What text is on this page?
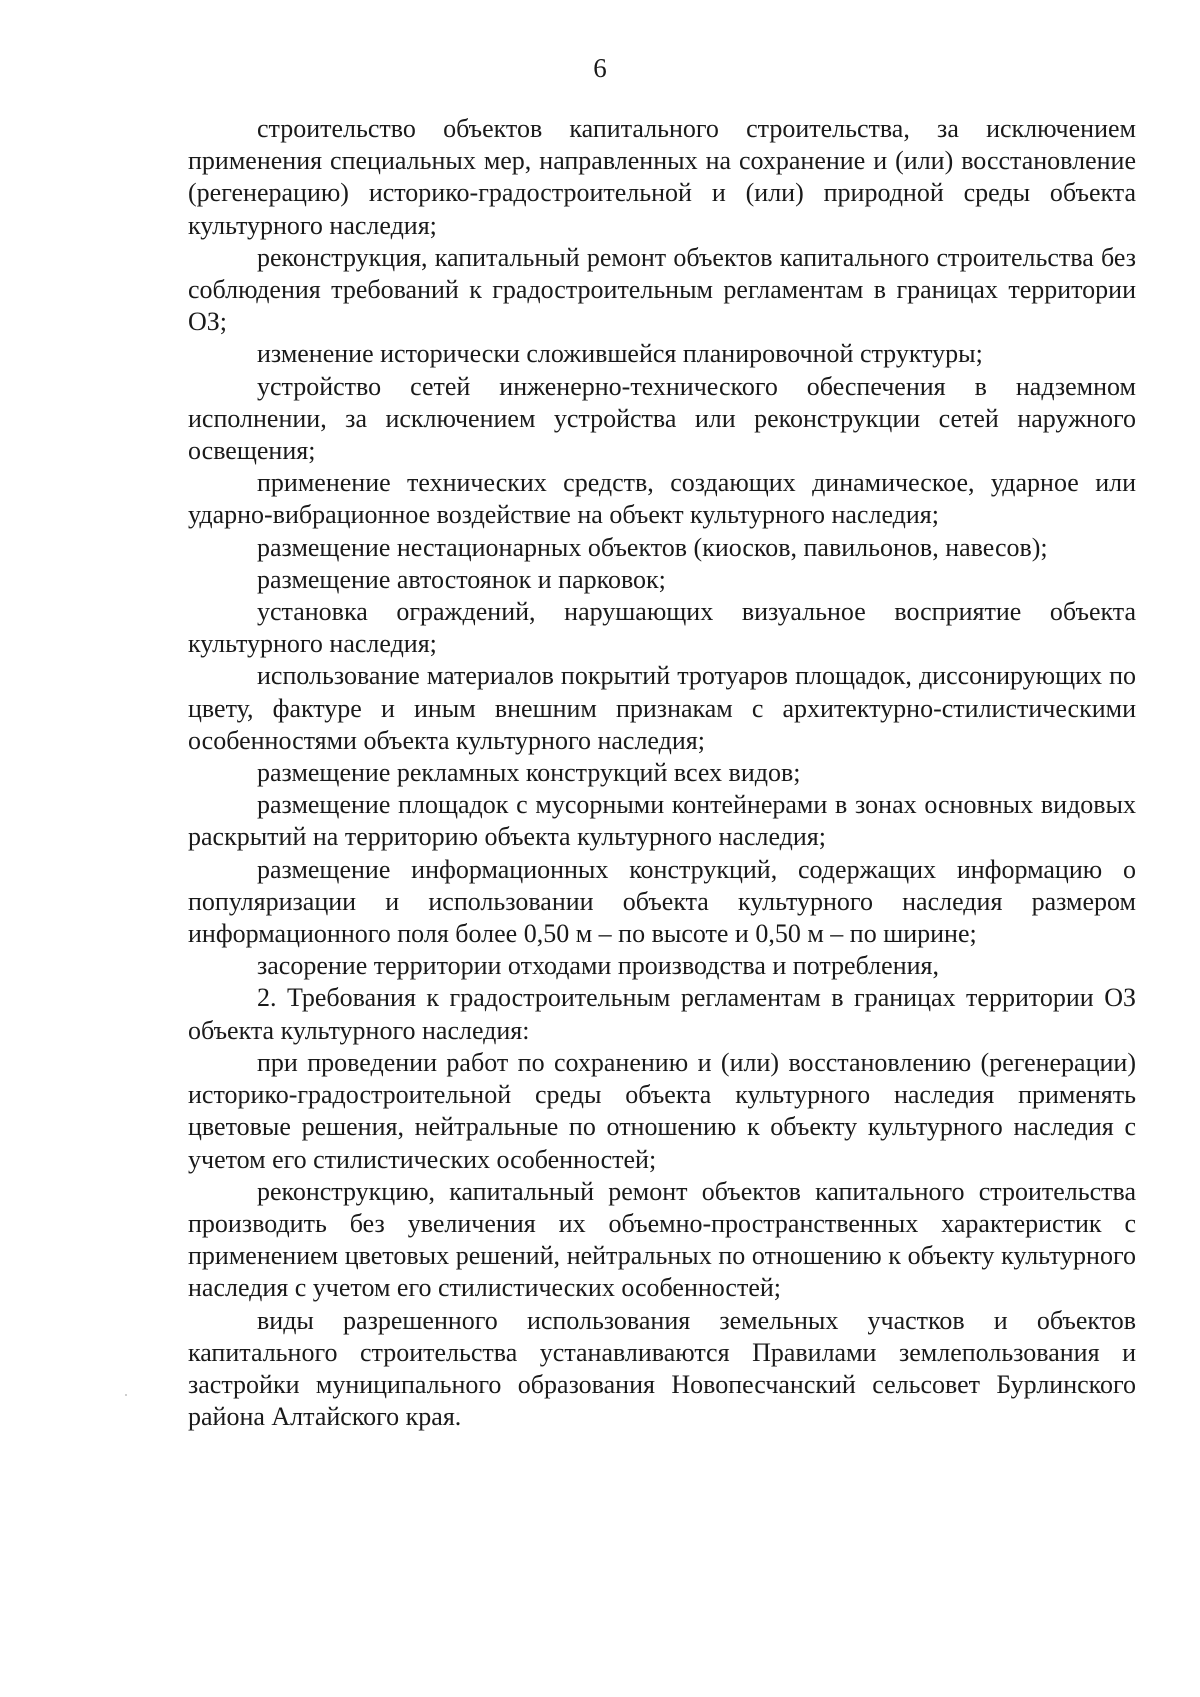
6

строительство объектов капитального строительства, за исключением применения специальных мер, направленных на сохранение и (или) восстановление (регенерацию) историко-градостроительной и (или) природной среды объекта культурного наследия;

реконструкция, капитальный ремонт объектов капитального строительства без соблюдения требований к градостроительным регламентам в границах территории ОЗ;

изменение исторически сложившейся планировочной структуры;

устройство сетей инженерно-технического обеспечения в надземном исполнении, за исключением устройства или реконструкции сетей наружного освещения;

применение технических средств, создающих динамическое, ударное или ударно-вибрационное воздействие на объект культурного наследия;

размещение нестационарных объектов (киосков, павильонов, навесов);

размещение автостоянок и парковок;

установка ограждений, нарушающих визуальное восприятие объекта культурного наследия;

использование материалов покрытий тротуаров площадок, диссонирующих по цвету, фактуре и иным внешним признакам с архитектурно-стилистическими особенностями объекта культурного наследия;

размещение рекламных конструкций всех видов;

размещение площадок с мусорными контейнерами в зонах основных видовых раскрытий на территорию объекта культурного наследия;

размещение информационных конструкций, содержащих информацию о популяризации и использовании объекта культурного наследия размером информационного поля более 0,50 м – по высоте и 0,50 м – по ширине;

засорение территории отходами производства и потребления,

2. Требования к градостроительным регламентам в границах территории ОЗ объекта культурного наследия:

при проведении работ по сохранению и (или) восстановлению (регенерации) историко-градостроительной среды объекта культурного наследия применять цветовые решения, нейтральные по отношению к объекту культурного наследия с учетом его стилистических особенностей;

реконструкцию, капитальный ремонт объектов капитального строительства производить без увеличения их объемно-пространственных характеристик с применением цветовых решений, нейтральных по отношению к объекту культурного наследия с учетом его стилистических особенностей;

виды разрешенного использования земельных участков и объектов капитального строительства устанавливаются Правилами землепользования и застройки муниципального образования Новопесчанский сельсовет Бурлинского района Алтайского края.
